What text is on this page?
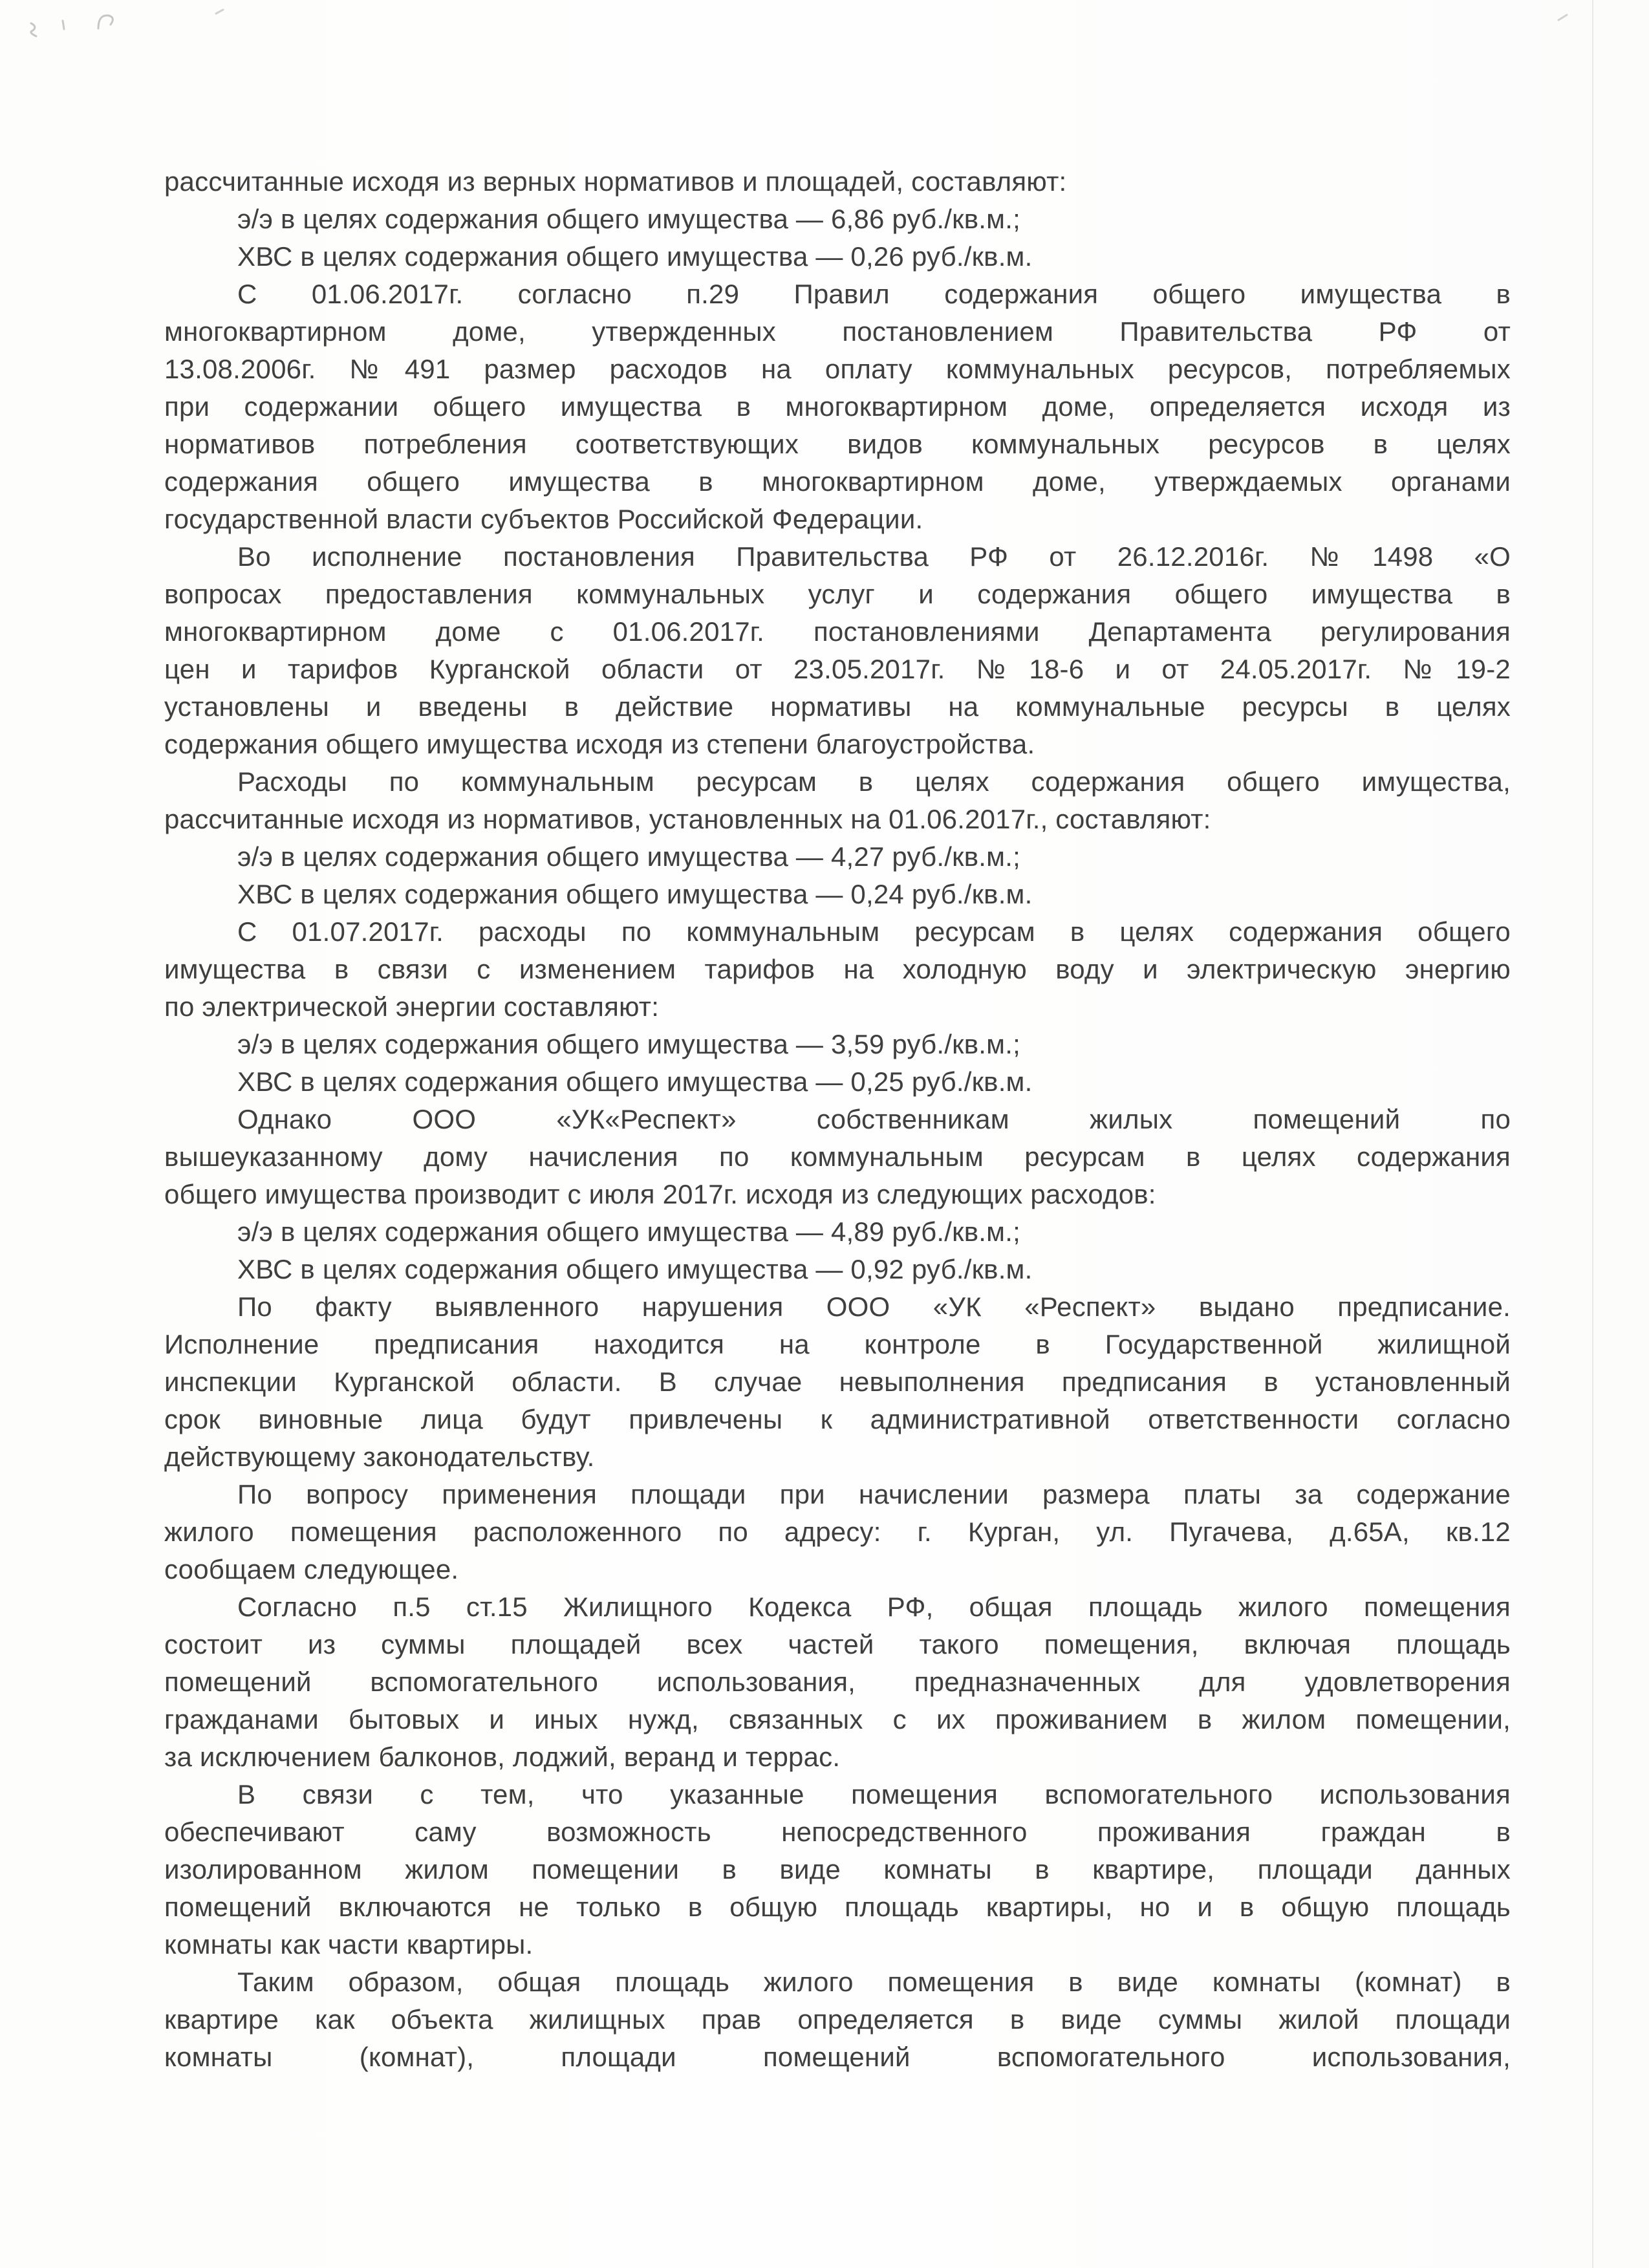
рассчитанные исходя из верных нормативов и площадей, составляют:
э/э в целях содержания общего имущества — 6,86 руб./кв.м.;
ХВС в целях содержания общего имущества — 0,26 руб./кв.м.
С 01.06.2017г. согласно п.29 Правил содержания общего имущества в
многоквартирном доме, утвержденных постановлением Правительства РФ от
13.08.2006г. №491 размер расходов на оплату коммунальных ресурсов, потребляемых
при содержании общего имущества в многоквартирном доме, определяется исходя из
нормативов потребления соответствующих видов коммунальных ресурсов в целях
содержания общего имущества в многоквартирном доме, утверждаемых органами
государственной власти субъектов Российской Федерации.
Во исполнение постановления Правительства РФ от 26.12.2016г. №1498 «О
вопросах предоставления коммунальных услуг и содержания общего имущества в
многоквартирном доме с 01.06.2017г. постановлениями Департамента регулирования
цен и тарифов Курганской области от 23.05.2017г. №18-6 и от 24.05.2017г. №19-2
установлены и введены в действие нормативы на коммунальные ресурсы в целях
содержания общего имущества исходя из степени благоустройства.
Расходы по коммунальным ресурсам в целях содержания общего имущества,
рассчитанные исходя из нормативов, установленных на 01.06.2017г., составляют:
э/э в целях содержания общего имущества — 4,27 руб./кв.м.;
ХВС в целях содержания общего имущества — 0,24 руб./кв.м.
С 01.07.2017г. расходы по коммунальным ресурсам в целях содержания общего
имущества в связи с изменением тарифов на холодную воду и электрическую энергию
по электрической энергии составляют:
э/э в целях содержания общего имущества — 3,59 руб./кв.м.;
ХВС в целях содержания общего имущества — 0,25 руб./кв.м.
Однако ООО «УК«Респект» собственникам жилых помещений по
вышеуказанному дому начисления по коммунальным ресурсам в целях содержания
общего имущества производит с июля 2017г. исходя из следующих расходов:
э/э в целях содержания общего имущества — 4,89 руб./кв.м.;
ХВС в целях содержания общего имущества — 0,92 руб./кв.м.
По факту выявленного нарушения ООО «УК «Респект» выдано предписание.
Исполнение предписания находится на контроле в Государственной жилищной
инспекции Курганской области. В случае невыполнения предписания в установленный
срок виновные лица будут привлечены к административной ответственности согласно
действующему законодательству.
По вопросу применения площади при начислении размера платы за содержание
жилого помещения расположенного по адресу: г. Курган, ул. Пугачева, д.65А, кв.12
сообщаем следующее.
Согласно п.5 ст.15 Жилищного Кодекса РФ, общая площадь жилого помещения
состоит из суммы площадей всех частей такого помещения, включая площадь
помещений вспомогательного использования, предназначенных для удовлетворения
гражданами бытовых и иных нужд, связанных с их проживанием в жилом помещении,
за исключением балконов, лоджий, веранд и террас.
В связи с тем, что указанные помещения вспомогательного использования
обеспечивают саму возможность непосредственного проживания граждан в
изолированном жилом помещении в виде комнаты в квартире, площади данных
помещений включаются не только в общую площадь квартиры, но и в общую площадь
комнаты как части квартиры.
Таким образом, общая площадь жилого помещения в виде комнаты (комнат) в
квартире как объекта жилищных прав определяется в виде суммы жилой площади
комнаты (комнат), площади помещений вспомогательного использования,
